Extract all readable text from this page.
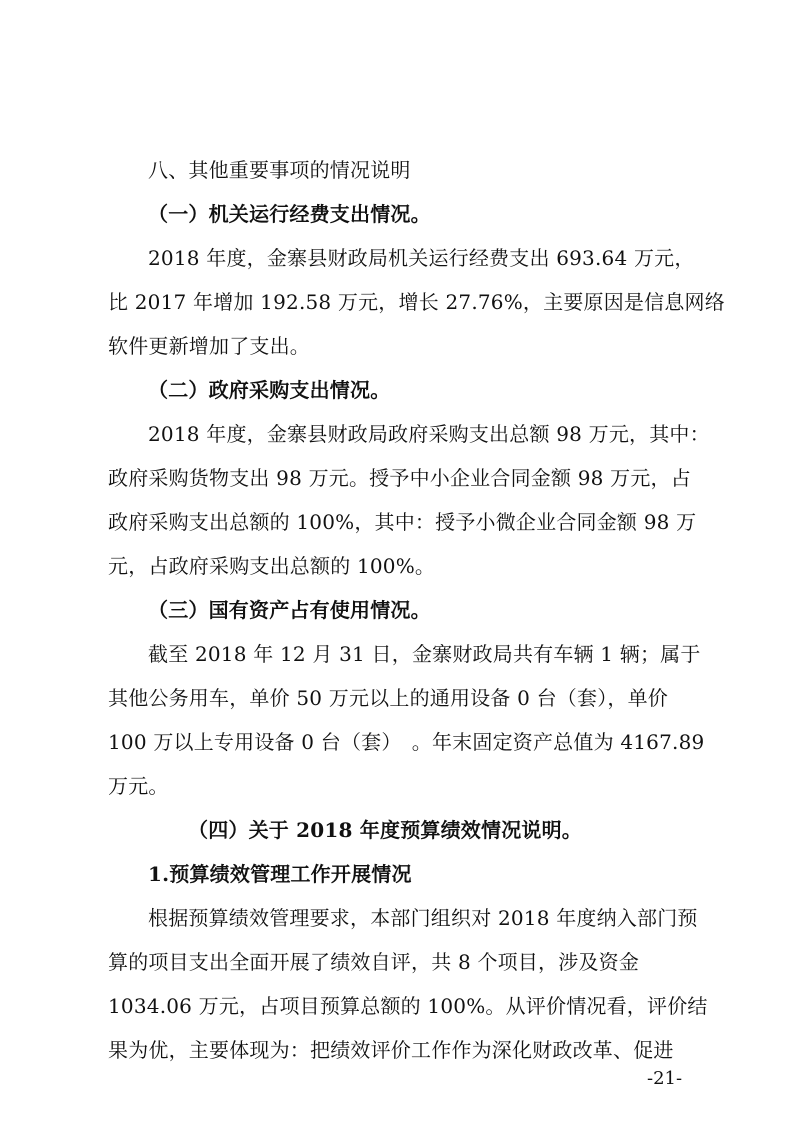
八、其他重要事项的情况说明
（一）机关运行经费支出情况。
2018 年度，金寨县财政局机关运行经费支出 693.64 万元，
比 2017 年增加 192.58 万元，增长 27.76%，主要原因是信息网络
软件更新增加了支出。
（二）政府采购支出情况。
2018 年度，金寨县财政局政府采购支出总额 98 万元，其中：
政府采购货物支出 98 万元。授予中小企业合同金额 98 万元，占
政府采购支出总额的 100%，其中：授予小微企业合同金额 98 万
元，占政府采购支出总额的 100%。
（三）国有资产占有使用情况。
截至 2018 年 12 月 31 日，金寨财政局共有车辆 1 辆；属于
其他公务用车，单价 50 万元以上的通用设备 0 台（套），单价
100 万以上专用设备 0 台（套）　。年末固定资产总值为 4167.89
万元。
（四）关于 2018 年度预算绩效情况说明。
1.预算绩效管理工作开展情况
根据预算绩效管理要求，本部门组织对 2018 年度纳入部门预
算的项目支出全面开展了绩效自评，共 8 个项目，涉及资金
1034.06 万元，占项目预算总额的 100%。从评价情况看，评价结
果为优，主要体现为：把绩效评价工作作为深化财政改革、促进
-21-
